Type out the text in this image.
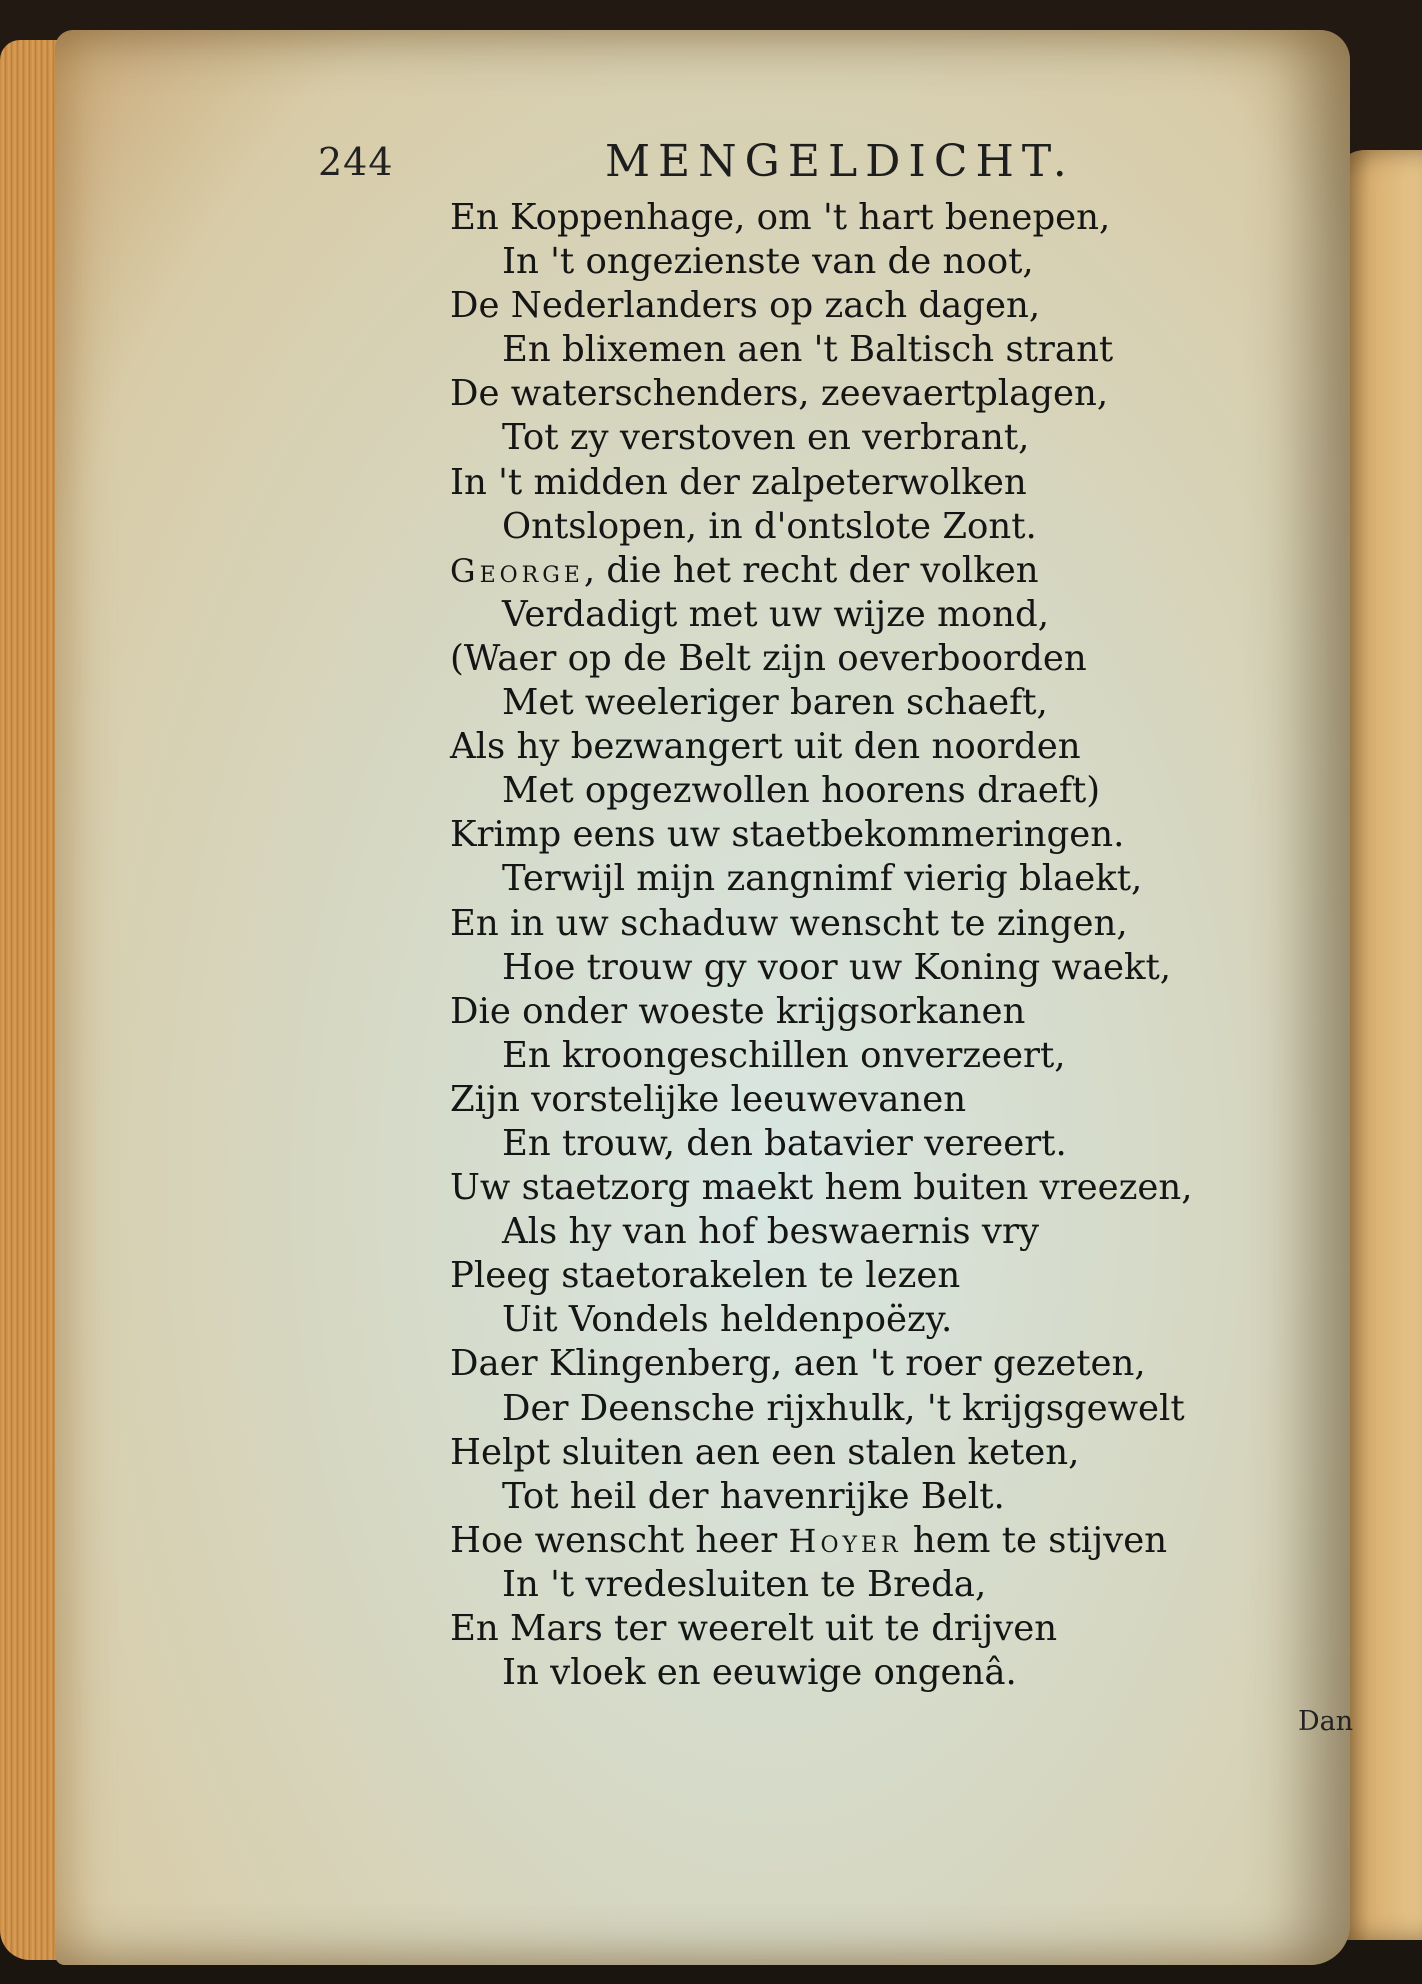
244	MENGELDICHT.
En Koppenhage, om 't hart benepen,
In 't ongezienste van de noot,
De Nederlanders op zach dagen,
En blixemen aen 't Baltisch strant
De waterschenders, zeevaertplagen,
Tot zy verstoven en verbrant,
In 't midden der zalpeterwolken
Ontslopen, in d'ontslote Zont.
George, die het recht der volken
Verdadigt met uw wijze mond,
(Waer op de Belt zijn oeverboorden
Met weeleriger baren schaeft,
Als hy bezwangert uit den noorden
Met opgezwollen hoorens draeft)
Krimp eens uw staetbekommeringen.
Terwijl mijn zangnimf vierig blaekt,
En in uw schaduw wenscht te zingen,
Hoe trouw gy voor uw Koning waekt,
Die onder woeste krijgsorkanen
En kroongeschillen onverzeert,
Zijn vorstelijke leeuwevanen
En trouw, den batavier vereert.
Uw staetzorg maekt hem buiten vreezen,
Als hy van hof beswaernis vry
Pleeg staetorakelen te lezen
Uit Vondels heldenpoëzy.
Daer Klingenberg, aen 't roer gezeten,
Der Deensche rijxhulk, 't krijgsgewelt
Helpt sluiten aen een stalen keten,
Tot heil der havenrijke Belt.
Hoe wenscht heer Hoyer hem te stijven
In 't vredesluiten te Breda,
En Mars ter weerelt uit te drijven
In vloek en eeuwige ongenâ.
Dan
